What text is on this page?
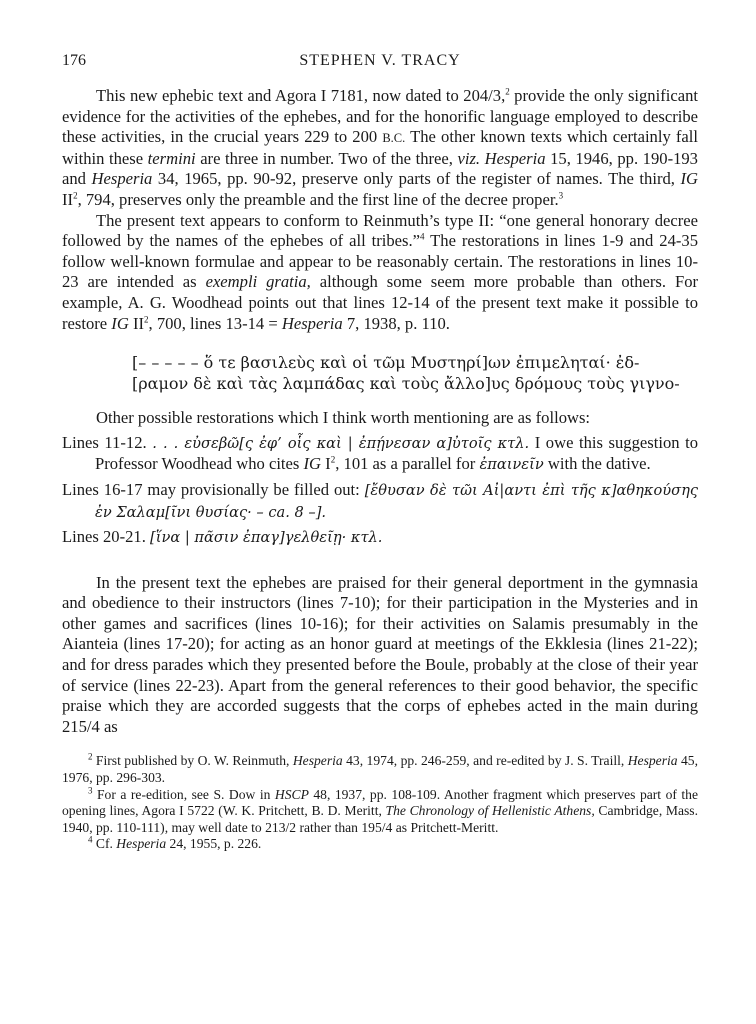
176	STEPHEN V. TRACY

This new ephebic text and Agora I 7181, now dated to 204/3,$^2$ provide the only significant evidence for the activities of the ephebes, and for the honorific language employed to describe these activities, in the crucial years 229 to 200 B.C. The other known texts which certainly fall within these termini are three in number. Two of the three, viz. Hesperia 15, 1946, pp. 190-193 and Hesperia 34, 1965, pp. 90-92, preserve only parts of the register of names. The third, IG $II^2$, 794, preserves only the preamble and the first line of the decree proper.$^3$

The present text appears to conform to Reinmuth’s type II: “one general honorary decree followed by the names of the ephebes of all tribes.”$^4$ The restorations in lines 1-9 and 24-35 follow well-known formulae and appear to be reasonably certain. The restorations in lines 10-23 are intended as exempli gratia, although some seem more probable than others. For example, A. G. Woodhead points out that lines 12-14 of the present text make it possible to restore IG $II^2$, 700, lines 13-14 = Hesperia 7, 1938, p. 110.

[– – – – – ὅ τε βασιλεὺς καὶ οἱ τῶμ Μυστηρί]ων ἐπιμεληταί· ἐδ-
[ραμον δὲ καὶ τὰς λαμπάδας καὶ τοὺς ἄλλο]υς δρόμους τοὺς γιγνο-

Other possible restorations which I think worth mentioning are as follows:

Lines 11-12. . . . εὐσεβῶ[ς ἐφ’ οἷς καὶ | ἐπῄνεσαν α]ὐτοῖς κτλ. I owe this suggestion to Professor Woodhead who cites IG $I^2$, 101 as a parallel for ἐπαινεῖν with the dative.

Lines 16-17 may provisionally be filled out: [ἔθυσαν δὲ τῶι Αἰ|αντι ἐπὶ τῆς κ]αθηκούσης ἐν Σαλαμ[ῖνι θυσίας· – ca. 8 –].

Lines 20-21. [ἵνα | πᾶσιν ἐπαγ]γελθεῖῃ· κτλ.

In the present text the ephebes are praised for their general deportment in the gymnasia and obedience to their instructors (lines 7-10); for their participation in the Mysteries and in other games and sacrifices (lines 10-16); for their activities on Salamis presumably in the Aianteia (lines 17-20); for acting as an honor guard at meetings of the Ekklesia (lines 21-22); and for dress parades which they presented before the Boule, probably at the close of their year of service (lines 22-23). Apart from the general references to their good behavior, the specific praise which they are accorded suggests that the corps of ephebes acted in the main during 215/4 as

$^2$ First published by O. W. Reinmuth, Hesperia 43, 1974, pp. 246-259, and re-edited by J. S. Traill, Hesperia 45, 1976, pp. 296-303.

$^3$ For a re-edition, see S. Dow in HSCP 48, 1937, pp. 108-109. Another fragment which preserves part of the opening lines, Agora I 5722 (W. K. Pritchett, B. D. Meritt, The Chronology of Hellenistic Athens, Cambridge, Mass. 1940, pp. 110-111), may well date to 213/2 rather than 195/4 as Pritchett-Meritt.

$^4$ Cf. Hesperia 24, 1955, p. 226.
